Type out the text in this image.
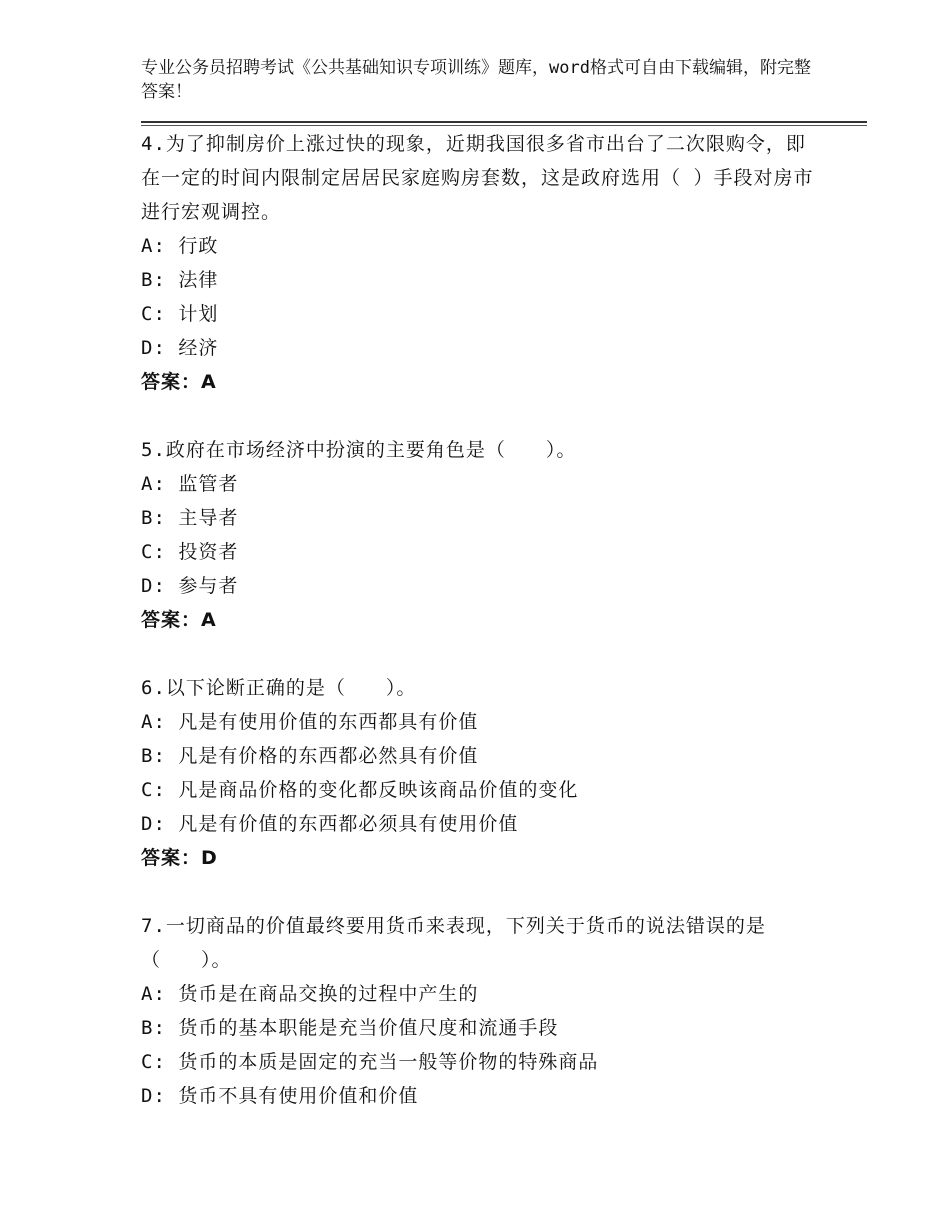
专业公务员招聘考试《公共基础知识专项训练》题库，word格式可自由下载编辑，附完整答案！

4.为了抑制房价上涨过快的现象，近期我国很多省市出台了二次限购令，即在一定的时间内限制定居居民家庭购房套数，这是政府选用（ ）手段对房市进行宏观调控。

A: 行政

B: 法律

C: 计划

D: 经济

答案：A

5.政府在市场经济中扮演的主要角色是（　　）。

A: 监管者

B: 主导者

C: 投资者

D: 参与者

答案：A

6.以下论断正确的是（　　）。

A: 凡是有使用价值的东西都具有价值

B: 凡是有价格的东西都必然具有价值

C: 凡是商品价格的变化都反映该商品价值的变化

D: 凡是有价值的东西都必须具有使用价值

答案：D

7.一切商品的价值最终要用货币来表现，下列关于货币的说法错误的是（　　）。

A: 货币是在商品交换的过程中产生的

B: 货币的基本职能是充当价值尺度和流通手段

C: 货币的本质是固定的充当一般等价物的特殊商品

D: 货币不具有使用价值和价值
